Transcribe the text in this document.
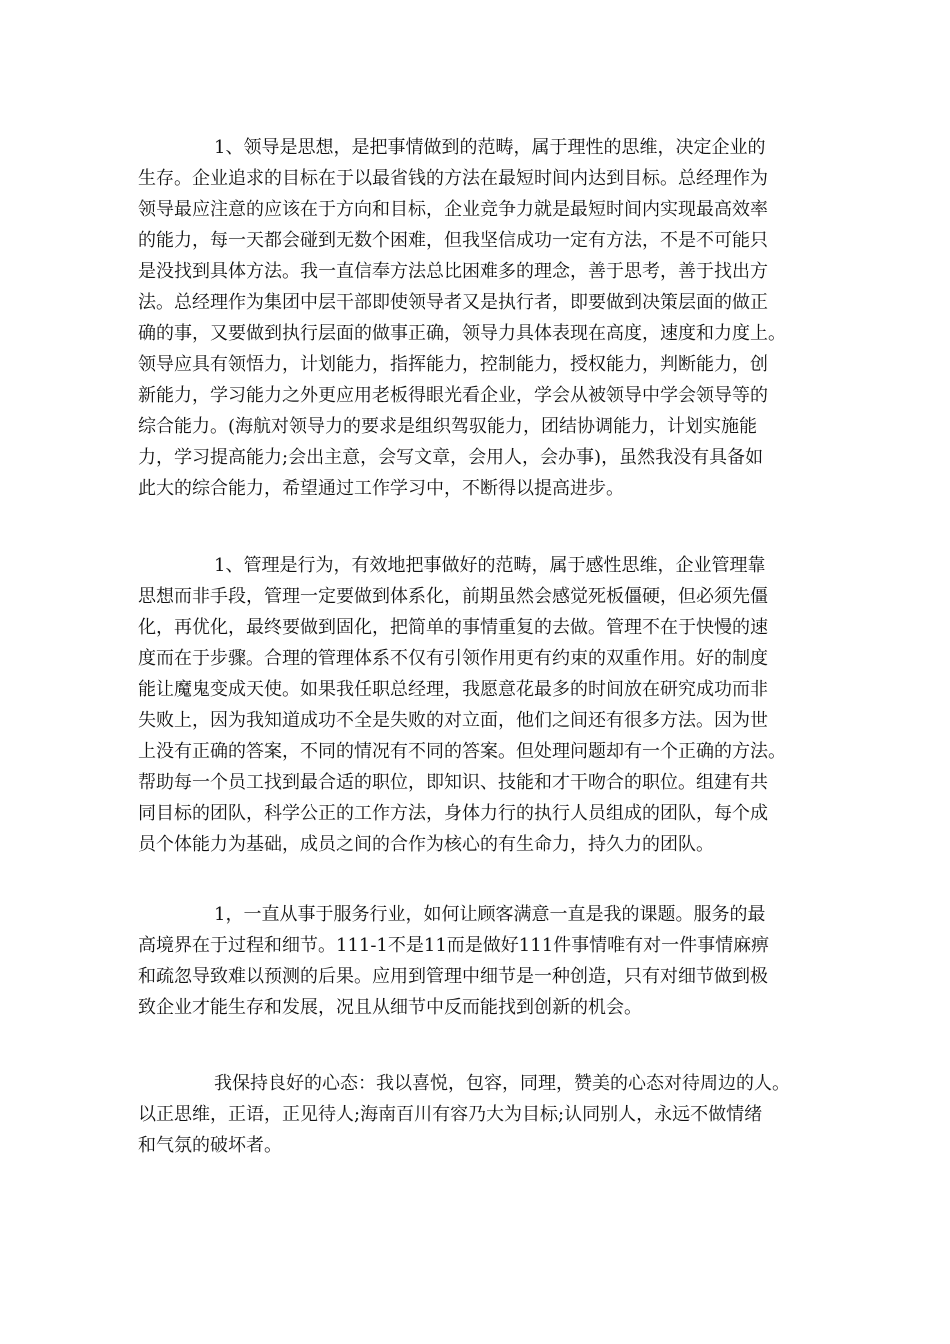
1、领导是思想，是把事情做到的范畴，属于理性的思维，决定企业的
生存。企业追求的目标在于以最省钱的方法在最短时间内达到目标。总经理作为
领导最应注意的应该在于方向和目标，企业竞争力就是最短时间内实现最高效率
的能力，每一天都会碰到无数个困难，但我坚信成功一定有方法，不是不可能只
是没找到具体方法。我一直信奉方法总比困难多的理念，善于思考，善于找出方
法。总经理作为集团中层干部即使领导者又是执行者，即要做到决策层面的做正
确的事，又要做到执行层面的做事正确，领导力具体表现在高度，速度和力度上。
领导应具有领悟力，计划能力，指挥能力，控制能力，授权能力，判断能力，创
新能力，学习能力之外更应用老板得眼光看企业，学会从被领导中学会领导等的
综合能力。(海航对领导力的要求是组织驾驭能力，团结协调能力，计划实施能
力，学习提高能力;会出主意，会写文章，会用人，会办事)，虽然我没有具备如
此大的综合能力，希望通过工作学习中，不断得以提高进步。
1、管理是行为，有效地把事做好的范畴，属于感性思维，企业管理靠
思想而非手段，管理一定要做到体系化，前期虽然会感觉死板僵硬，但必须先僵
化，再优化，最终要做到固化，把简单的事情重复的去做。管理不在于快慢的速
度而在于步骤。合理的管理体系不仅有引领作用更有约束的双重作用。好的制度
能让魔鬼变成天使。如果我任职总经理，我愿意花最多的时间放在研究成功而非
失败上，因为我知道成功不全是失败的对立面，他们之间还有很多方法。因为世
上没有正确的答案，不同的情况有不同的答案。但处理问题却有一个正确的方法。
帮助每一个员工找到最合适的职位，即知识、技能和才干吻合的职位。组建有共
同目标的团队，科学公正的工作方法，身体力行的执行人员组成的团队，每个成
员个体能力为基础，成员之间的合作为核心的有生命力，持久力的团队。
1，一直从事于服务行业，如何让顾客满意一直是我的课题。服务的最
高境界在于过程和细节。111-1不是11而是做好111件事情唯有对一件事情麻痹
和疏忽导致难以预测的后果。应用到管理中细节是一种创造，只有对细节做到极
致企业才能生存和发展，况且从细节中反而能找到创新的机会。
我保持良好的心态：我以喜悦，包容，同理，赞美的心态对待周边的人。
以正思维，正语，正见待人;海南百川有容乃大为目标;认同别人，永远不做情绪
和气氛的破坏者。
